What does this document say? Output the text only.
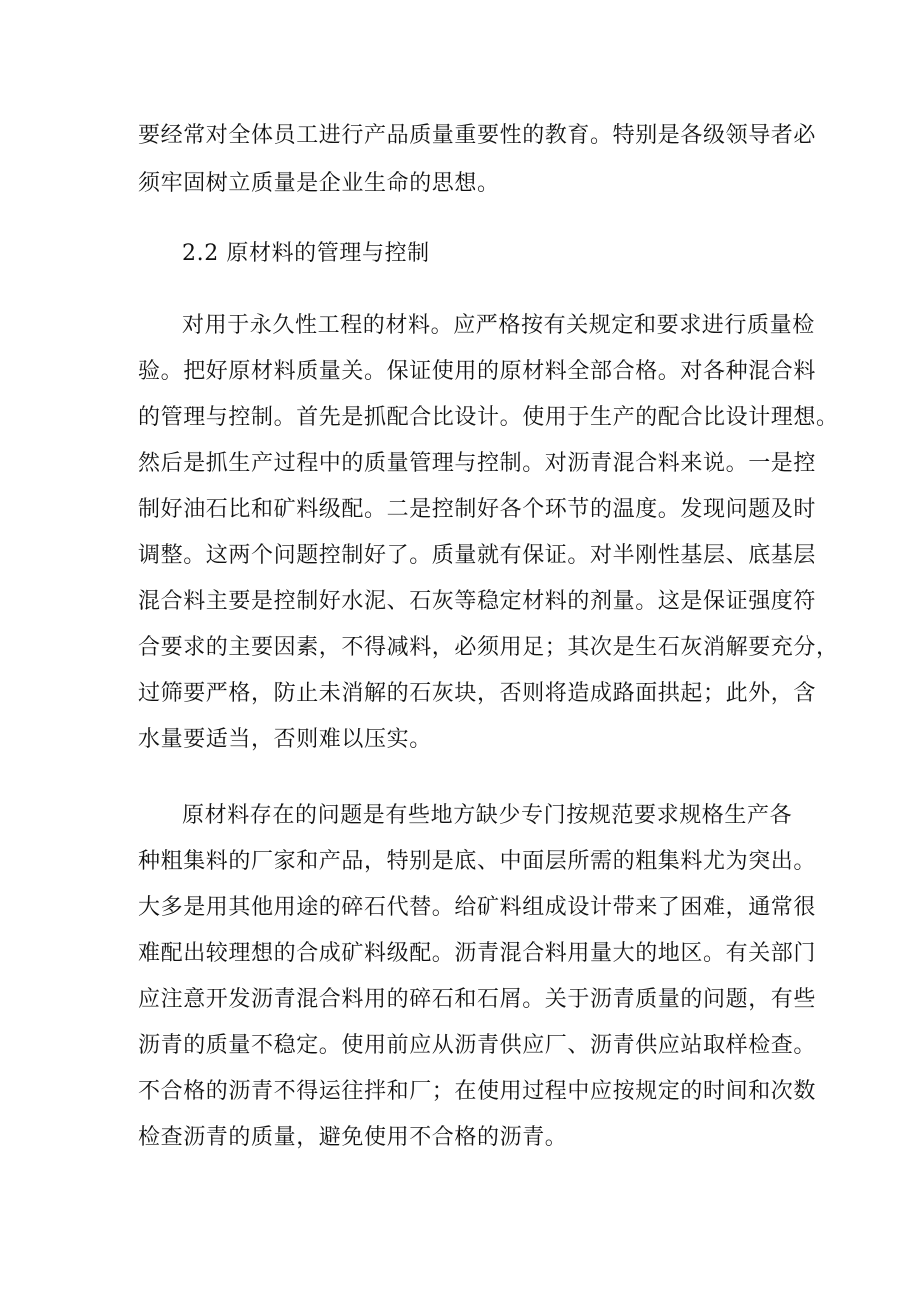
要经常对全体员工进行产品质量重要性的教育。特别是各级领导者必
须牢固树立质量是企业生命的思想。
2.2 原材料的管理与控制
对用于永久性工程的材料。应严格按有关规定和要求进行质量检
验。把好原材料质量关。保证使用的原材料全部合格。对各种混合料
的管理与控制。首先是抓配合比设计。使用于生产的配合比设计理想。
然后是抓生产过程中的质量管理与控制。对沥青混合料来说。一是控
制好油石比和矿料级配。二是控制好各个环节的温度。发现问题及时
调整。这两个问题控制好了。质量就有保证。对半刚性基层、底基层
混合料主要是控制好水泥、石灰等稳定材料的剂量。这是保证强度符
合要求的主要因素，不得减料，必须用足；其次是生石灰消解要充分，
过筛要严格，防止未消解的石灰块，否则将造成路面拱起；此外，含
水量要适当，否则难以压实。
原材料存在的问题是有些地方缺少专门按规范要求规格生产各
种粗集料的厂家和产品，特别是底、中面层所需的粗集料尤为突出。
大多是用其他用途的碎石代替。给矿料组成设计带来了困难，通常很
难配出较理想的合成矿料级配。沥青混合料用量大的地区。有关部门
应注意开发沥青混合料用的碎石和石屑。关于沥青质量的问题，有些
沥青的质量不稳定。使用前应从沥青供应厂、沥青供应站取样检查。
不合格的沥青不得运往拌和厂；在使用过程中应按规定的时间和次数
检查沥青的质量，避免使用不合格的沥青。
